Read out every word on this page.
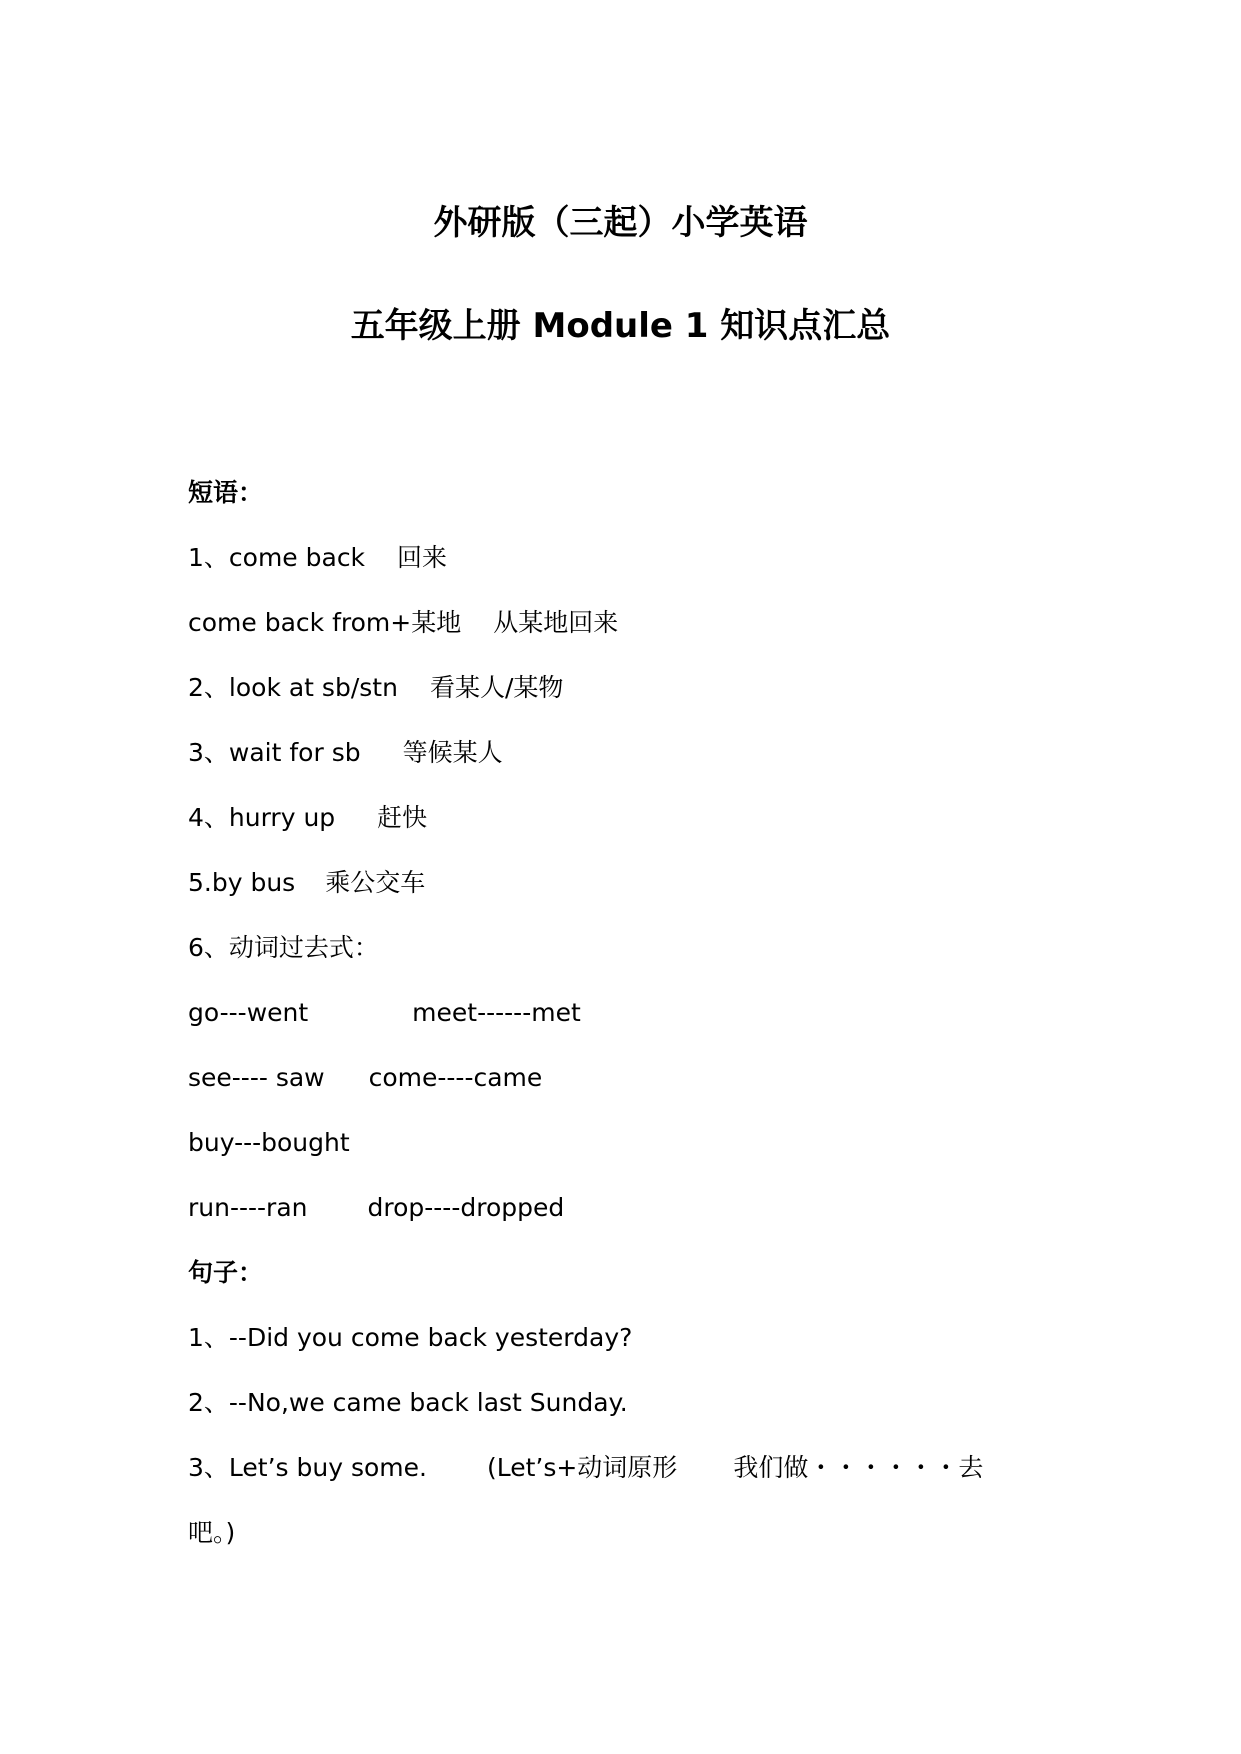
外研版（三起）小学英语
五年级上册 Module 1 知识点汇总

短语：

1、come back 回来

come back from+某地 从某地回来

2、look at sb/stn 看某人/某物

3、wait for sb 等候某人

4、hurry up 赶快

5.by bus 乘公交车

6、动词过去式：

go---went	meet------met

see---- saw come----came

buy---bought

run----ran drop----dropped

句子：

1、--Did you come back yesterday?

2、--No,we came back last Sunday.

3、Let’s buy some. (Let’s+动词原形 我们做・・・・・・去

吧。)
